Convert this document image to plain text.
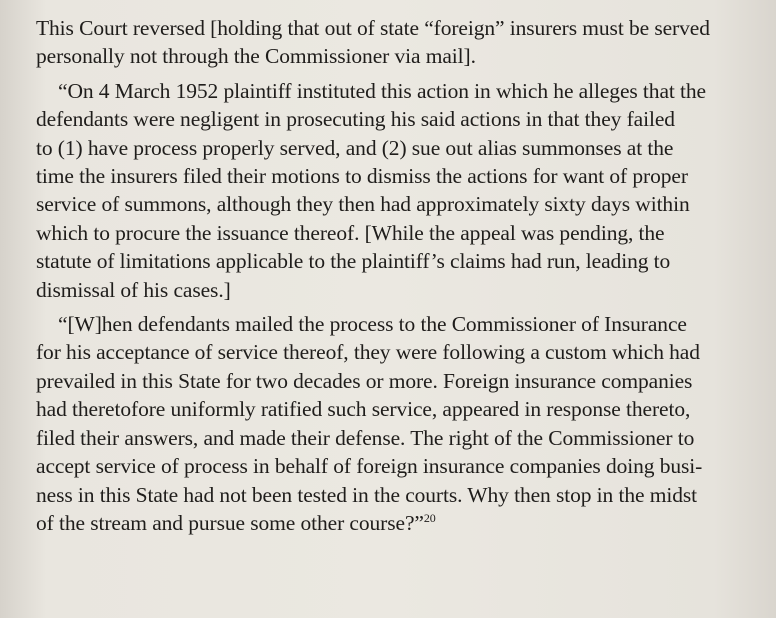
This Court reversed [holding that out of state “foreign” insurers must be served
personally not through the Commissioner via mail].

“On 4 March 1952 plaintiff instituted this action in which he alleges that the
defendants were negligent in prosecuting his said actions in that they failed
to (1) have process properly served, and (2) sue out alias summonses at the
time the insurers filed their motions to dismiss the actions for want of proper
service of summons, although they then had approximately sixty days within
which to procure the issuance thereof. [While the appeal was pending, the
statute of limitations applicable to the plaintiff’s claims had run, leading to
dismissal of his cases.]

“[W]hen defendants mailed the process to the Commissioner of Insurance
for his acceptance of service thereof, they were following a custom which had
prevailed in this State for two decades or more. Foreign insurance companies
had theretofore uniformly ratified such service, appeared in response thereto,
filed their answers, and made their defense. The right of the Commissioner to
accept service of process in behalf of foreign insurance companies doing busi-
ness in this State had not been tested in the courts. Why then stop in the midst
of the stream and pursue some other course?”$^{20}$
